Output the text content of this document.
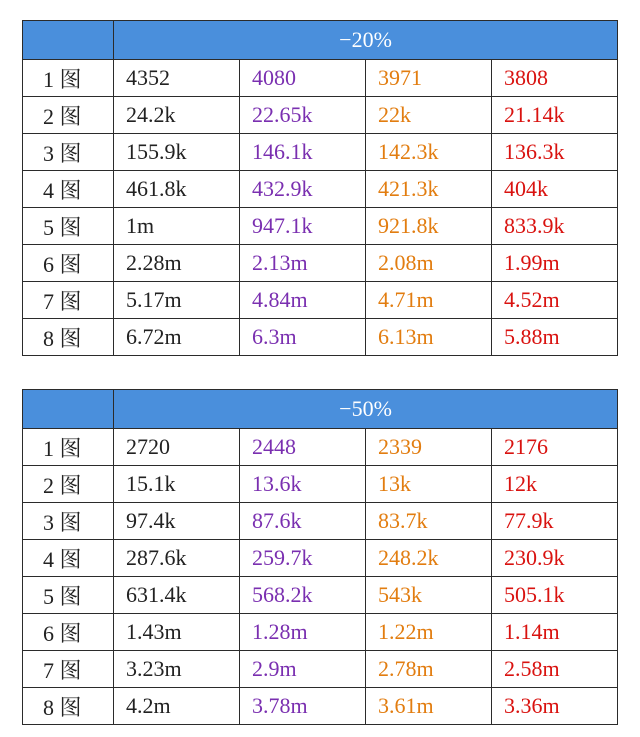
	−20%			
1 图	4352	4080	3971	3808
2 图	24.2k	22.65k	22k	21.14k
3 图	155.9k	146.1k	142.3k	136.3k
4 图	461.8k	432.9k	421.3k	404k
5 图	1m	947.1k	921.8k	833.9k
6 图	2.28m	2.13m	2.08m	1.99m
7 图	5.17m	4.84m	4.71m	4.52m
8 图	6.72m	6.3m	6.13m	5.88m
	−50%			
1 图	2720	2448	2339	2176
2 图	15.1k	13.6k	13k	12k
3 图	97.4k	87.6k	83.7k	77.9k
4 图	287.6k	259.7k	248.2k	230.9k
5 图	631.4k	568.2k	543k	505.1k
6 图	1.43m	1.28m	1.22m	1.14m
7 图	3.23m	2.9m	2.78m	2.58m
8 图	4.2m	3.78m	3.61m	3.36m
